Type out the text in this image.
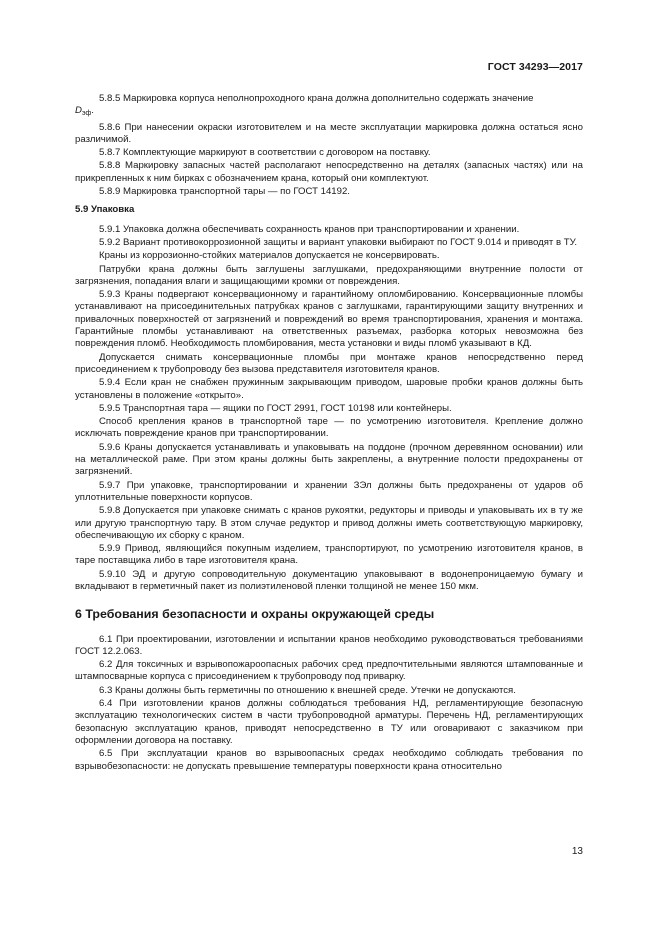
ГОСТ 34293—2017

5.8.5 Маркировка корпуса неполнопроходного крана должна дополнительно содержать значение

$D_{эф}$.

5.8.6 При нанесении окраски изготовителем и на месте эксплуатации маркировка должна остаться ясно различимой.

5.8.7 Комплектующие маркируют в соответствии с договором на поставку.

5.8.8 Маркировку запасных частей располагают непосредственно на деталях (запасных частях) или на прикрепленных к ним бирках с обозначением крана, который они комплектуют.

5.8.9 Маркировка транспортной тары — по ГОСТ 14192.

5.9 Упаковка

5.9.1 Упаковка должна обеспечивать сохранность кранов при транспортировании и хранении.

5.9.2 Вариант противокоррозионной защиты и вариант упаковки выбирают по ГОСТ 9.014 и приводят в ТУ.

Краны из коррозионно-стойких материалов допускается не консервировать.

Патрубки крана должны быть заглушены заглушками, предохраняющими внутренние полости от загрязнения, попадания влаги и защищающими кромки от повреждения.

5.9.3 Краны подвергают консервационному и гарантийному опломбированию. Консервационные пломбы устанавливают на присоединительных патрубках кранов с заглушками, гарантирующими защиту внутренних и привалочных поверхностей от загрязнений и повреждений во время транспортирования, хранения и монтажа. Гарантийные пломбы устанавливают на ответственных разъемах, разборка которых невозможна без повреждения пломб. Необходимость пломбирования, места установки и виды пломб указывают в КД.

Допускается снимать консервационные пломбы при монтаже кранов непосредственно перед присоединением к трубопроводу без вызова представителя изготовителя кранов.

5.9.4 Если кран не снабжен пружинным закрывающим приводом, шаровые пробки кранов должны быть установлены в положение «открыто».

5.9.5 Транспортная тара — ящики по ГОСТ 2991, ГОСТ 10198 или контейнеры.

Способ крепления кранов в транспортной таре — по усмотрению изготовителя. Крепление должно исключать повреждение кранов при транспортировании.

5.9.6 Краны допускается устанавливать и упаковывать на поддоне (прочном деревянном основании) или на металлической раме. При этом краны должны быть закреплены, а внутренние полости предохранены от загрязнений.

5.9.7 При упаковке, транспортировании и хранении ЗЭл должны быть предохранены от ударов об уплотнительные поверхности корпусов.

5.9.8 Допускается при упаковке снимать с кранов рукоятки, редукторы и приводы и упаковывать их в ту же или другую транспортную тару. В этом случае редуктор и привод должны иметь соответствующую маркировку, обеспечивающую их сборку с краном.

5.9.9 Привод, являющийся покупным изделием, транспортируют, по усмотрению изготовителя кранов, в таре поставщика либо в таре изготовителя крана.

5.9.10 ЭД и другую сопроводительную документацию упаковывают в водонепроницаемую бумагу и вкладывают в герметичный пакет из полиэтиленовой пленки толщиной не менее 150 мкм.

6 Требования безопасности и охраны окружающей среды

6.1 При проектировании, изготовлении и испытании кранов необходимо руководствоваться требованиями ГОСТ 12.2.063.

6.2 Для токсичных и взрывопожароопасных рабочих сред предпочтительными являются штампованные и штампосварные корпуса с присоединением к трубопроводу под приварку.

6.3 Краны должны быть герметичны по отношению к внешней среде. Утечки не допускаются.

6.4 При изготовлении кранов должны соблюдаться требования НД, регламентирующие безопасную эксплуатацию технологических систем в части трубопроводной арматуры. Перечень НД, регламентирующих безопасную эксплуатацию кранов, приводят непосредственно в ТУ или оговаривают с заказчиком при оформлении договора на поставку.

6.5 При эксплуатации кранов во взрывоопасных средах необходимо соблюдать требования по взрывобезопасности: не допускать превышение температуры поверхности крана относительно

13
